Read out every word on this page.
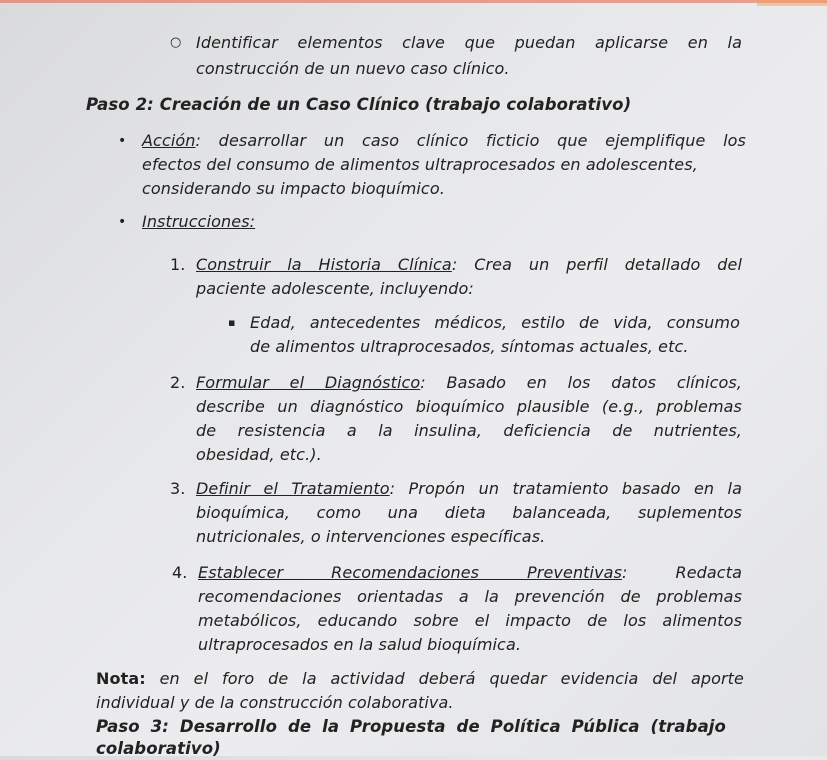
○ Identificar elementos clave que puedan aplicarse en la
construcción de un nuevo caso clínico.
Paso 2: Creación de un Caso Clínico (trabajo colaborativo)
• Acción: desarrollar un caso clínico ficticio que ejemplifique los
efectos del consumo de alimentos ultraprocesados en adolescentes,
considerando su impacto bioquímico.
• Instrucciones:
1. Construir la Historia Clínica: Crea un perfil detallado del
paciente adolescente, incluyendo:
▪ Edad, antecedentes médicos, estilo de vida, consumo
de alimentos ultraprocesados, síntomas actuales, etc.
2. Formular el Diagnóstico: Basado en los datos clínicos,
describe un diagnóstico bioquímico plausible (e.g., problemas
de resistencia a la insulina, deficiencia de nutrientes,
obesidad, etc.).
3. Definir el Tratamiento: Propón un tratamiento basado en la
bioquímica, como una dieta balanceada, suplementos
nutricionales, o intervenciones específicas.
4. Establecer Recomendaciones Preventivas: Redacta
recomendaciones orientadas a la prevención de problemas
metabólicos, educando sobre el impacto de los alimentos
ultraprocesados en la salud bioquímica.
Nota: en el foro de la actividad deberá quedar evidencia del aporte
individual y de la construcción colaborativa.
Paso 3: Desarrollo de la Propuesta de Política Pública (trabajo
colaborativo)
